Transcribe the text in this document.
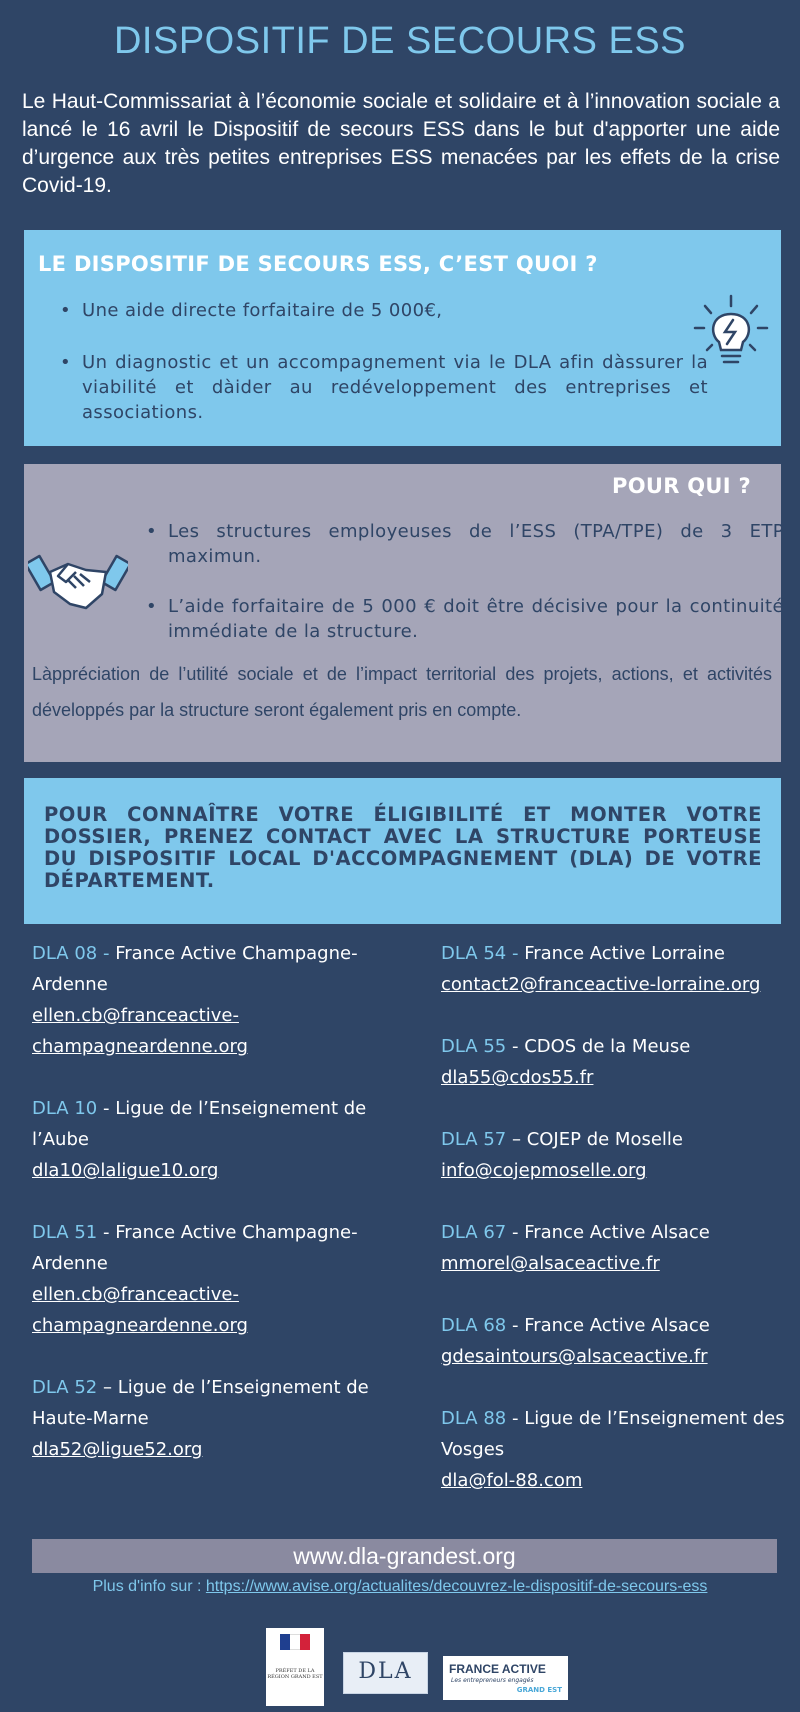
DISPOSITIF DE SECOURS ESS

Le Haut-Commissariat à l’économie sociale et solidaire et à l’innovation sociale a lancé le 16 avril le Dispositif de secours ESS dans le but d'apporter une aide d’urgence aux très petites entreprises ESS menacées par les effets de la crise Covid-19.

LE DISPOSITIF DE SECOURS ESS, C’EST QUOI ?
• Une aide directe forfaitaire de 5 000€,
• Un diagnostic et un accompagnement via le DLA afin dàssurer la viabilité et dàider au redéveloppement des entreprises et associations.
POUR QUI ?
• Les structures employeuses de l’ESS (TPA/TPE) de 3 ETP maximun.
• L’aide forfaitaire de 5 000 € doit être décisive pour la continuité immédiate de la structure.

Làppréciation de l’utilité sociale et de l’impact territorial des projets, actions, et activités développés par la structure seront également pris en compte.

POUR CONNAÎTRE VOTRE ÉLIGIBILITÉ ET MONTER VOTRE DOSSIER, PRENEZ CONTACT AVEC LA STRUCTURE PORTEUSE DU DISPOSITIF LOCAL D'ACCOMPAGNEMENT (DLA) DE VOTRE DÉPARTEMENT.

DLA 08 - France Active Champagne-Ardenne
ellen.cb@franceactive-champagneardenne.org
DLA 10 - Ligue de l’Enseignement de l’Aube
dla10@laligue10.org
DLA 51 - France Active Champagne-Ardenne
ellen.cb@franceactive-champagneardenne.org
DLA 52 – Ligue de l’Enseignement de Haute-Marne
dla52@ligue52.org
DLA 54 - France Active Lorraine
contact2@franceactive-lorraine.org
DLA 55 - CDOS de la Meuse
dla55@cdos55.fr
DLA 57 – COJEP de Moselle
info@cojepmoselle.org
DLA 67 - France Active Alsace
mmorel@alsaceactive.fr
DLA 68 - France Active Alsace
gdesaintours@alsaceactive.fr
DLA 88 - Ligue de l’Enseignement des Vosges
dla@fol-88.com
www.dla-grandest.org
Plus d'info sur : https://www.avise.org/actualites/decouvrez-le-dispositif-de-secours-ess
PRÉFET DE LA RÉGION GRAND EST	DLA	FRANCE ACTIVE
Les entrepreneurs engagés
GRAND EST
